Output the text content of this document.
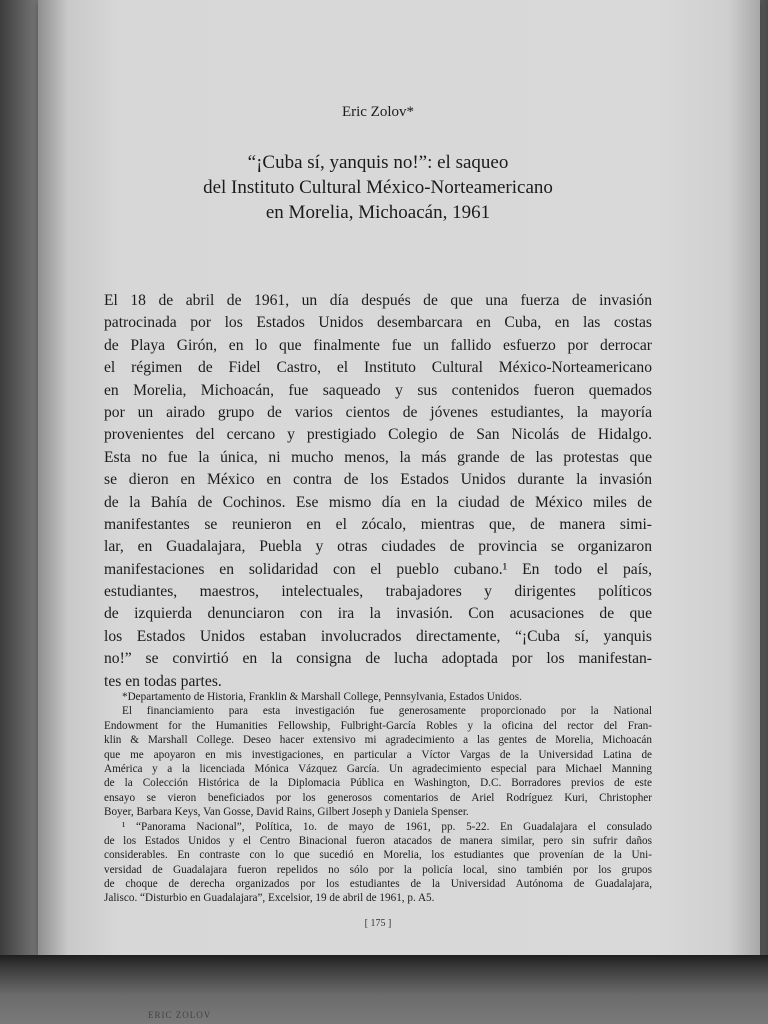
Eric Zolov*
“¡Cuba sí, yanquis no!”: el saqueo
del Instituto Cultural México-Norteamericano
en Morelia, Michoacán, 1961
El 18 de abril de 1961, un día después de que una fuerza de invasión
patrocinada por los Estados Unidos desembarcara en Cuba, en las costas
de Playa Girón, en lo que finalmente fue un fallido esfuerzo por derrocar
el régimen de Fidel Castro, el Instituto Cultural México-Norteamericano
en Morelia, Michoacán, fue saqueado y sus contenidos fueron quemados
por un airado grupo de varios cientos de jóvenes estudiantes, la mayoría
provenientes del cercano y prestigiado Colegio de San Nicolás de Hidalgo.
Esta no fue la única, ni mucho menos, la más grande de las protestas que
se dieron en México en contra de los Estados Unidos durante la invasión
de la Bahía de Cochinos. Ese mismo día en la ciudad de México miles de
manifestantes se reunieron en el zócalo, mientras que, de manera simi-
lar, en Guadalajara, Puebla y otras ciudades de provincia se organizaron
manifestaciones en solidaridad con el pueblo cubano.¹ En todo el país,
estudiantes, maestros, intelectuales, trabajadores y dirigentes políticos
de izquierda denunciaron con ira la invasión. Con acusaciones de que
los Estados Unidos estaban involucrados directamente, “¡Cuba sí, yanquis
no!” se convirtió en la consigna de lucha adoptada por los manifestan-
tes en todas partes.
*Departamento de Historia, Franklin & Marshall College, Pennsylvania, Estados Unidos.
El financiamiento para esta investigación fue generosamente proporcionado por la National
Endowment for the Humanities Fellowship, Fulbright-García Robles y la oficina del rector del Fran-
klin & Marshall College. Deseo hacer extensivo mi agradecimiento a las gentes de Morelia, Michoacán
que me apoyaron en mis investigaciones, en particular a Víctor Vargas de la Universidad Latina de
América y a la licenciada Mónica Vázquez García. Un agradecimiento especial para Michael Manning
de la Colección Histórica de la Diplomacia Pública en Washington, D.C. Borradores previos de este
ensayo se vieron beneficiados por los generosos comentarios de Ariel Rodríguez Kuri, Christopher
Boyer, Barbara Keys, Van Gosse, David Rains, Gilbert Joseph y Daniela Spenser.
¹ “Panorama Nacional”, Política, 1o. de mayo de 1961, pp. 5-22. En Guadalajara el consulado
de los Estados Unidos y el Centro Binacional fueron atacados de manera similar, pero sin sufrir daños
considerables. En contraste con lo que sucedió en Morelia, los estudiantes que provenían de la Uni-
versidad de Guadalajara fueron repelidos no sólo por la policía local, sino también por los grupos
de choque de derecha organizados por los estudiantes de la Universidad Autónoma de Guadalajara,
Jalisco. “Disturbio en Guadalajara”, Excelsior, 19 de abril de 1961, p. A5.
[ 175 ]
ERIC ZOLOV
